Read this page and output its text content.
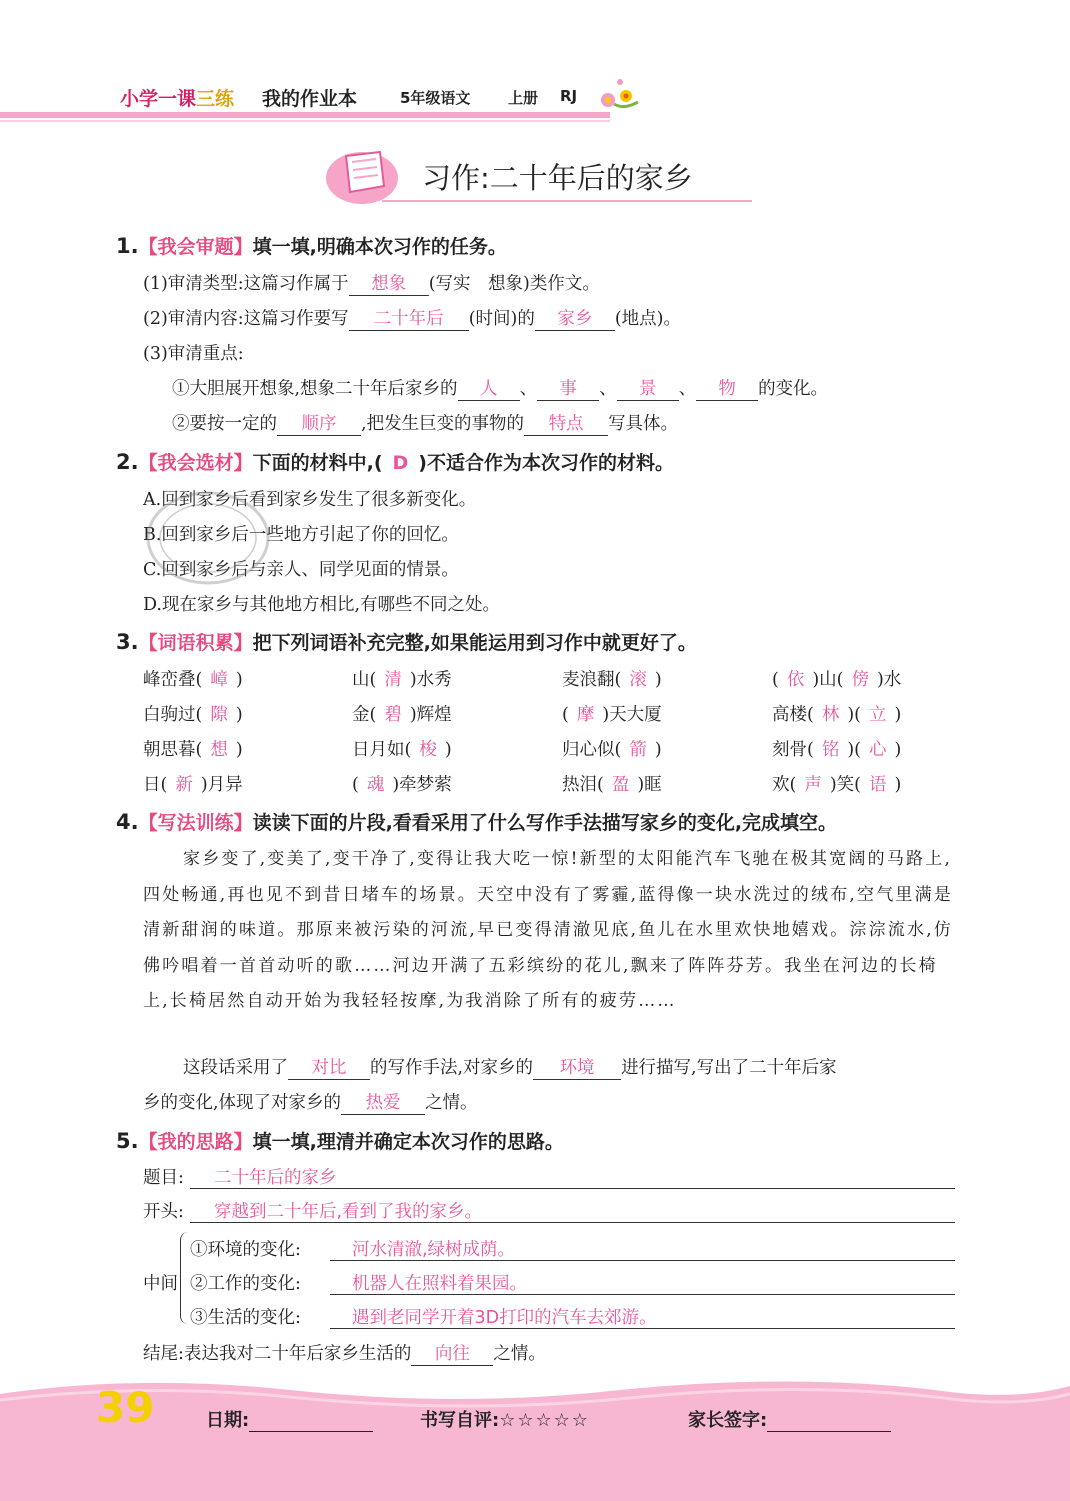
小学一课三练 我的作业本	5年级语文	上册 RJ
习作:二十年后的家乡
1.【我会审题】填一填,明确本次习作的任务。
(1)审清类型:这篇习作属于 想象 (写实　想象)类作文。
(2)审清内容:这篇习作要写 二十年后 (时间)的 家乡 (地点)。
(3)审清重点:
①大胆展开想象,想象二十年后家乡的 人 、 事 、 景 、 物 的变化。
②要按一定的 顺序 ,把发生巨变的事物的 特点 写具体。
2.【我会选材】下面的材料中,( D )不适合作为本次习作的材料。
A.回到家乡后看到家乡发生了很多新变化。
B.回到家乡后一些地方引起了你的回忆。
C.回到家乡后与亲人、同学见面的情景。
D.现在家乡与其他地方相比,有哪些不同之处。
3.【词语积累】把下列词语补充完整,如果能运用到习作中就更好了。
峰峦叠( 嶂 )	山( 清 )水秀	麦浪翻( 滚 )	( 依 )山( 傍 )水
白驹过( 隙 )	金( 碧 )辉煌	( 摩 )天大厦	高楼( 林 )( 立 )
朝思暮( 想 )	日月如( 梭 )	归心似( 箭 )	刻骨( 铭 )( 心 )
日( 新 )月异	( 魂 )牵梦萦	热泪( 盈 )眶	欢( 声 )笑( 语 )
4.【写法训练】读读下面的片段,看看采用了什么写作手法描写家乡的变化,完成填空。
家乡变了,变美了,变干净了,变得让我大吃一惊!新型的太阳能汽车飞驰在极其宽阔的马路上,四处畅通,再也见不到昔日堵车的场景。天空中没有了雾霾,蓝得像一块水洗过的绒布,空气里满是清新甜润的味道。那原来被污染的河流,早已变得清澈见底,鱼儿在水里欢快地嬉戏。淙淙流水,仿佛吟唱着一首首动听的歌……河边开满了五彩缤纷的花儿,飘来了阵阵芬芳。我坐在河边的长椅上,长椅居然自动开始为我轻轻按摩,为我消除了所有的疲劳……
这段话采用了 对比 的写作手法,对家乡的 环境 进行描写,写出了二十年后家
乡的变化,体现了对家乡的 热爱 之情。
5.【我的思路】填一填,理清并确定本次习作的思路。
题目: 二十年后的家乡
开头: 穿越到二十年后,看到了我的家乡。
中间
①环境的变化:	河水清澈,绿树成荫。
②工作的变化:	机器人在照料着果园。
③生活的变化:	遇到老同学开着3D打印的汽车去郊游。
结尾:表达我对二十年后家乡生活的 向往 之情。
39	日期:	书写自评:☆☆☆☆☆	家长签字:
